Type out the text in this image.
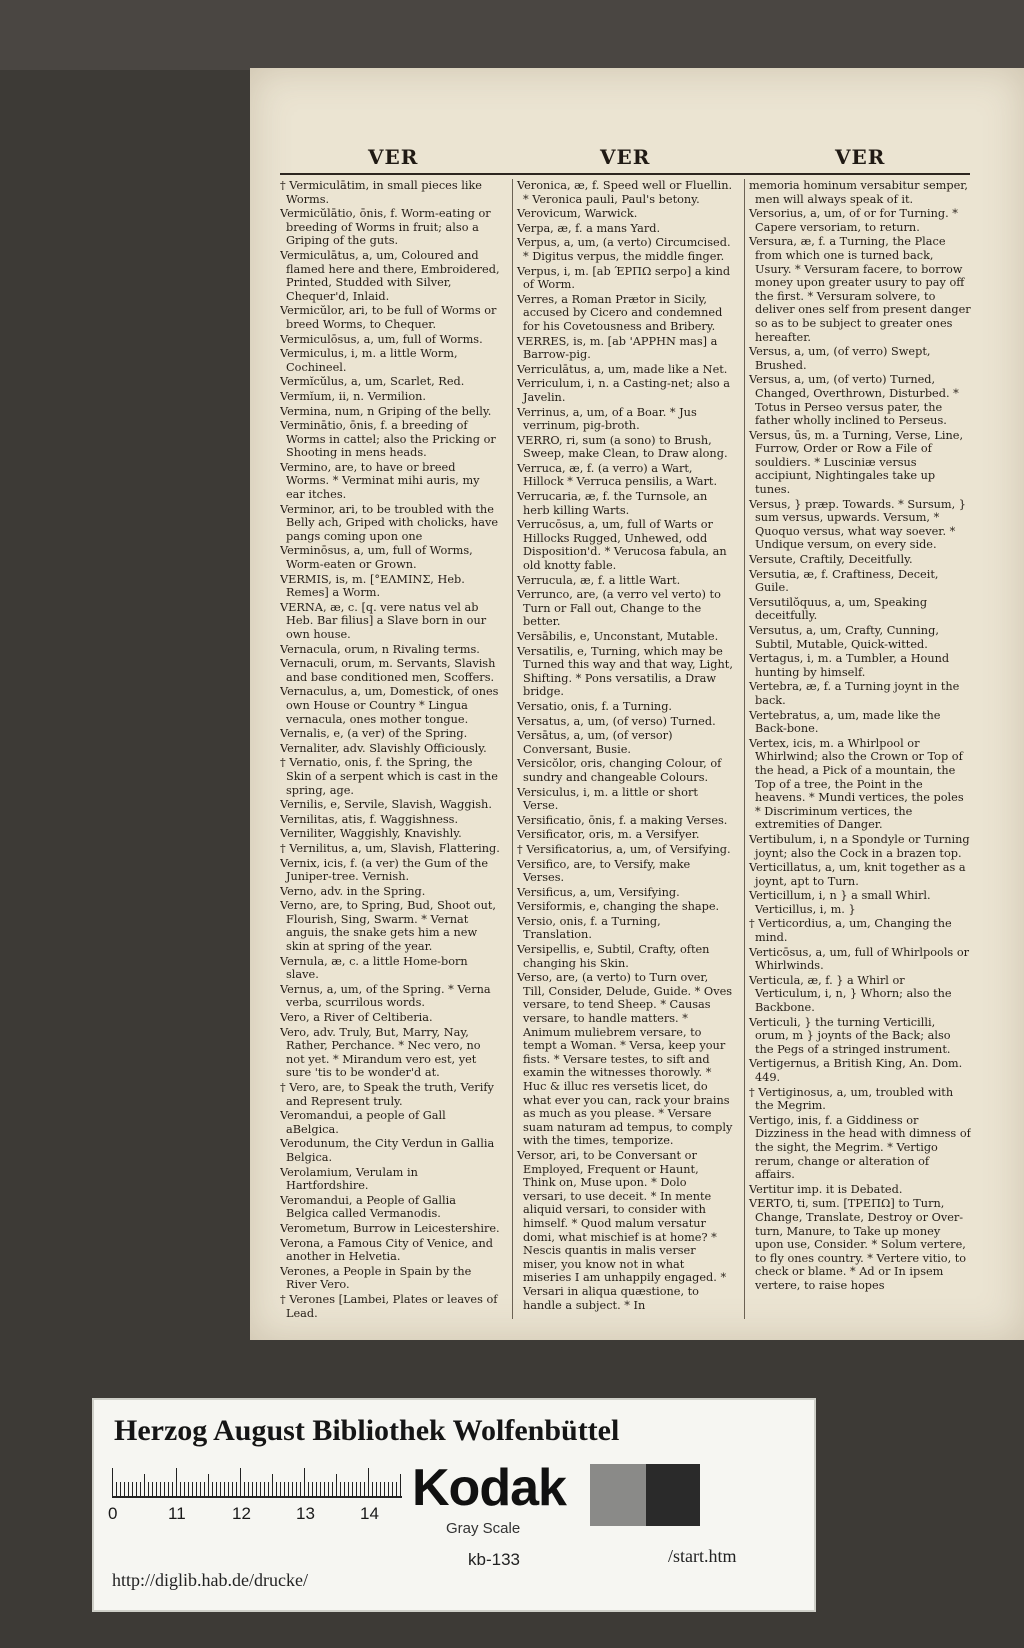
VER	VER	VER
† Vermiculātim, in small pieces like Worms.
Vermicŭlātio, ōnis, f. Worm-eating or breeding of Worms in fruit; also a Griping of the guts.
Vermiculātus, a, um, Coloured and flamed here and there, Embroidered, Printed, Studded with Silver, Chequer'd, Inlaid.
Vermicŭlor, ari, to be full of Worms or breed Worms, to Chequer.
Vermiculōsus, a, um, full of Worms.
Vermiculus, i, m. a little Worm, Cochineel.
Vermĭcŭlus, a, um, Scarlet, Red.
Vermĭum, ii, n. Vermilion.
Vermina, num, n Griping of the belly.
Verminātio, ōnis, f. a breeding of Worms in cattel; also the Pricking or Shooting in mens heads.
Vermino, are, to have or breed Worms. * Verminat mihi auris, my ear itches.
Verminor, ari, to be troubled with the Belly ach, Griped with cholicks, have pangs coming upon one
Verminōsus, a, um, full of Worms, Worm-eaten or Grown.
VERMIS, is, m. [°ΕΛΜΙΝΣ, Heb. Remes] a Worm.
VERNA, æ, c. [q. vere natus vel ab Heb. Bar filius] a Slave born in our own house.
Vernacula, orum, n Rivaling terms.
Vernaculi, orum, m. Servants, Slavish and base conditioned men, Scoffers.
Vernaculus, a, um, Domestick, of ones own House or Country * Lingua vernacula, ones mother tongue.
Vernalis, e, (a ver) of the Spring.
Vernaliter, adv. Slavishly Officiously.
† Vernatio, onis, f. the Spring, the Skin of a serpent which is cast in the spring, age.
Vernilis, e, Servile, Slavish, Waggish.
Vernilitas, atis, f. Waggishness.
Verniliter, Waggishly, Knavishly.
† Vernilitus, a, um, Slavish, Flattering.
Vernix, icis, f. (a ver) the Gum of the Juniper-tree. Vernish.
Verno, adv. in the Spring.
Verno, are, to Spring, Bud, Shoot out, Flourish, Sing, Swarm. * Vernat anguis, the snake gets him a new skin at spring of the year.
Vernula, æ, c. a little Home-born slave.
Vernus, a, um, of the Spring. * Verna verba, scurrilous words.
Vero, a River of Celtiberia.
Vero, adv. Truly, But, Marry, Nay, Rather, Perchance. * Nec vero, no not yet. * Mirandum vero est, yet sure 'tis to be wonder'd at.
† Vero, are, to Speak the truth, Verify and Represent truly.
Veromandui, a people of Gall aBelgica.
Verodunum, the City Verdun in Gallia Belgica.
Verolamium, Verulam in Hartfordshire.
Veromandui, a People of Gallia Belgica called Vermanodis.
Verometum, Burrow in Leicestershire.
Verona, a Famous City of Venice, and another in Helvetia.
Verones, a People in Spain by the River Vero.
† Verones [Lambei, Plates or leaves of Lead.
Veronica, æ, f. Speed well or Fluellin. * Veronica pauli, Paul's betony.
Verovicum, Warwick.
Verpa, æ, f. a mans Yard.
Verpus, a, um, (a verto) Circumcised. * Digitus verpus, the middle finger.
Verpus, i, m. [ab ΈΡΠΩ serpo] a kind of Worm.
Verres, a Roman Prætor in Sicily, accused by Cicero and condemned for his Covetousness and Bribery.
VERRES, is, m. [ab 'ΑΡΡΗΝ mas] a Barrow-pig.
Verriculātus, a, um, made like a Net.
Verriculum, i, n. a Casting-net; also a Javelin.
Verrinus, a, um, of a Boar. * Jus verrinum, pig-broth.
VERRO, ri, sum (a sono) to Brush, Sweep, make Clean, to Draw along.
Verruca, æ, f. (a verro) a Wart, Hillock * Verruca pensilis, a Wart.
Verrucaria, æ, f. the Turnsole, an herb killing Warts.
Verrucōsus, a, um, full of Warts or Hillocks Rugged, Unhewed, odd Disposition'd. * Verucosa fabula, an old knotty fable.
Verrucula, æ, f. a little Wart.
Verrunco, are, (a verro vel verto) to Turn or Fall out, Change to the better.
Versābilis, e, Unconstant, Mutable.
Versatilis, e, Turning, which may be Turned this way and that way, Light, Shifting. * Pons versatilis, a Draw bridge.
Versatio, onis, f. a Turning.
Versatus, a, um, (of verso) Turned.
Versātus, a, um, (of versor) Conversant, Busie.
Versicŏlor, oris, changing Colour, of sundry and changeable Colours.
Versiculus, i, m. a little or short Verse.
Versificatio, ōnis, f. a making Verses.
Versificator, oris, m. a Versifyer.
† Versificatorius, a, um, of Versifying.
Versifico, are, to Versify, make Verses.
Versificus, a, um, Versifying.
Versiformis, e, changing the shape.
Versio, onis, f. a Turning, Translation.
Versipellis, e, Subtil, Crafty, often changing his Skin.
Verso, are, (a verto) to Turn over, Till, Consider, Delude, Guide. * Oves versare, to tend Sheep. * Causas versare, to handle matters. * Animum muliebrem versare, to tempt a Woman. * Versa, keep your fists. * Versare testes, to sift and examin the witnesses thorowly. * Huc & illuc res versetis licet, do what ever you can, rack your brains as much as you please. * Versare suam naturam ad tempus, to comply with the times, temporize.
Versor, ari, to be Conversant or Employed, Frequent or Haunt, Think on, Muse upon. * Dolo versari, to use deceit. * In mente aliquid versari, to consider with himself. * Quod malum versatur domi, what mischief is at home? * Nescis quantis in malis verser miser, you know not in what miseries I am unhappily engaged. * Versari in aliqua quæstione, to handle a subject. * In
memoria hominum versabitur semper, men will always speak of it.
Versorius, a, um, of or for Turning. * Capere versoriam, to return.
Versura, æ, f. a Turning, the Place from which one is turned back, Usury. * Versuram facere, to borrow money upon greater usury to pay off the first. * Versuram solvere, to deliver ones self from present danger so as to be subject to greater ones hereafter.
Versus, a, um, (of verro) Swept, Brushed.
Versus, a, um, (of verto) Turned, Changed, Overthrown, Disturbed. * Totus in Perseo versus pater, the father wholly inclined to Perseus.
Versus, ūs, m. a Turning, Verse, Line, Furrow, Order or Row a File of souldiers. * Lusciniæ versus accipiunt, Nightingales take up tunes.
Versus, } præp. Towards. * Sursum, } sum versus, upwards. Versum, * Quoquo versus, what way soever. * Undique versum, on every side.
Versute, Craftily, Deceitfully.
Versutia, æ, f. Craftiness, Deceit, Guile.
Versutilŏquus, a, um, Speaking deceitfully.
Versutus, a, um, Crafty, Cunning, Subtil, Mutable, Quick-witted.
Vertagus, i, m. a Tumbler, a Hound hunting by himself.
Vertebra, æ, f. a Turning joynt in the back.
Vertebratus, a, um, made like the Back-bone.
Vertex, icis, m. a Whirlpool or Whirlwind; also the Crown or Top of the head, a Pick of a mountain, the Top of a tree, the Point in the heavens. * Mundi vertices, the poles * Discriminum vertices, the extremities of Danger.
Vertibulum, i, n a Spondyle or Turning joynt; also the Cock in a brazen top.
Verticillatus, a, um, knit together as a joynt, apt to Turn.
Verticillum, i, n } a small Whirl. Verticillus, i, m. }
† Verticordius, a, um, Changing the mind.
Verticōsus, a, um, full of Whirlpools or Whirlwinds.
Verticula, æ, f. } a Whirl or Verticulum, i, n, } Whorn; also the Backbone.
Verticuli, } the turning Verticilli, orum, m } joynts of the Back; also the Pegs of a stringed instrument.
Vertigernus, a British King, An. Dom. 449.
† Vertiginosus, a, um, troubled with the Megrim.
Vertigo, inis, f. a Giddiness or Dizziness in the head with dimness of the sight, the Megrim. * Vertigo rerum, change or alteration of affairs.
Vertitur imp. it is Debated.
VERTO, ti, sum. [ΤΡΕΠΩ] to Turn, Change, Translate, Destroy or Over-turn, Manure, to Take up money upon use, Consider. * Solum vertere, to fly ones country. * Vertere vitio, to check or blame. * Ad or In ipsem vertere, to raise hopes
Herzog August Bibliothek Wolfenbüttel
0	11	12	13	14 Kodak
Gray Scale
kb-133
http://diglib.hab.de/drucke/
/start.htm
